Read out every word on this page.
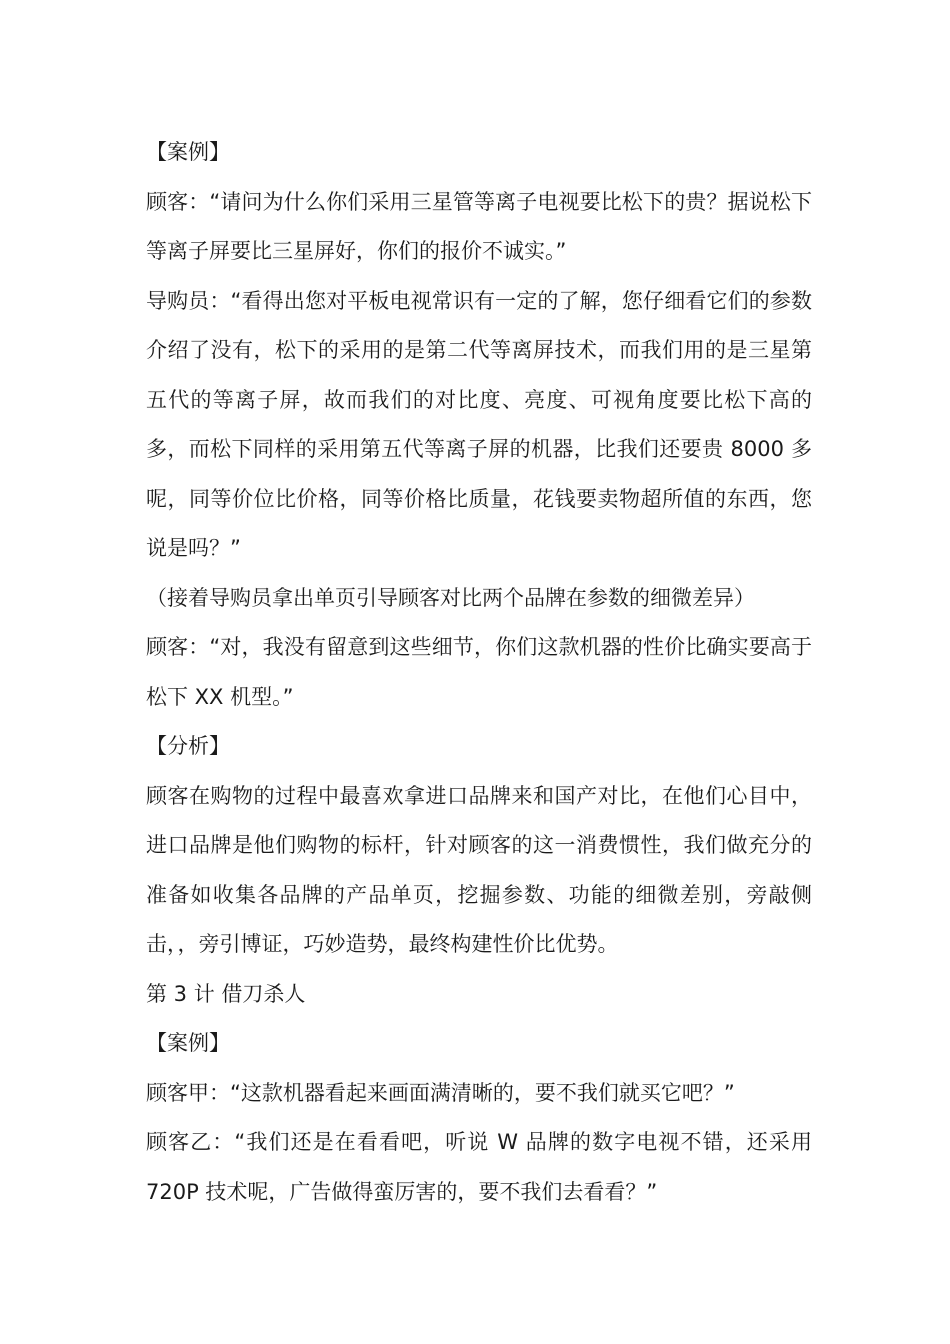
【案例】

顾客：“请问为什么你们采用三星管等离子电视要比松下的贵？据说松下等离子屏要比三星屏好，你们的报价不诚实。”

导购员：“看得出您对平板电视常识有一定的了解，您仔细看它们的参数介绍了没有，松下的采用的是第二代等离屏技术，而我们用的是三星第五代的等离子屏，故而我们的对比度、亮度、可视角度要比松下高的多，而松下同样的采用第五代等离子屏的机器，比我们还要贵 8000 多呢，同等价位比价格，同等价格比质量，花钱要卖物超所值的东西，您说是吗？”

（接着导购员拿出单页引导顾客对比两个品牌在参数的细微差异）

顾客：“对，我没有留意到这些细节，你们这款机器的性价比确实要高于松下 XX 机型。”

【分析】

顾客在购物的过程中最喜欢拿进口品牌来和国产对比，在他们心目中，进口品牌是他们购物的标杆，针对顾客的这一消费惯性，我们做充分的准备如收集各品牌的产品单页，挖掘参数、功能的细微差别，旁敲侧击，，旁引博证，巧妙造势，最终构建性价比优势。

第 3 计 借刀杀人

【案例】

顾客甲：“这款机器看起来画面满清晰的，要不我们就买它吧？”

顾客乙：“我们还是在看看吧，听说 W 品牌的数字电视不错，还采用 720P 技术呢，广告做得蛮厉害的，要不我们去看看？”
